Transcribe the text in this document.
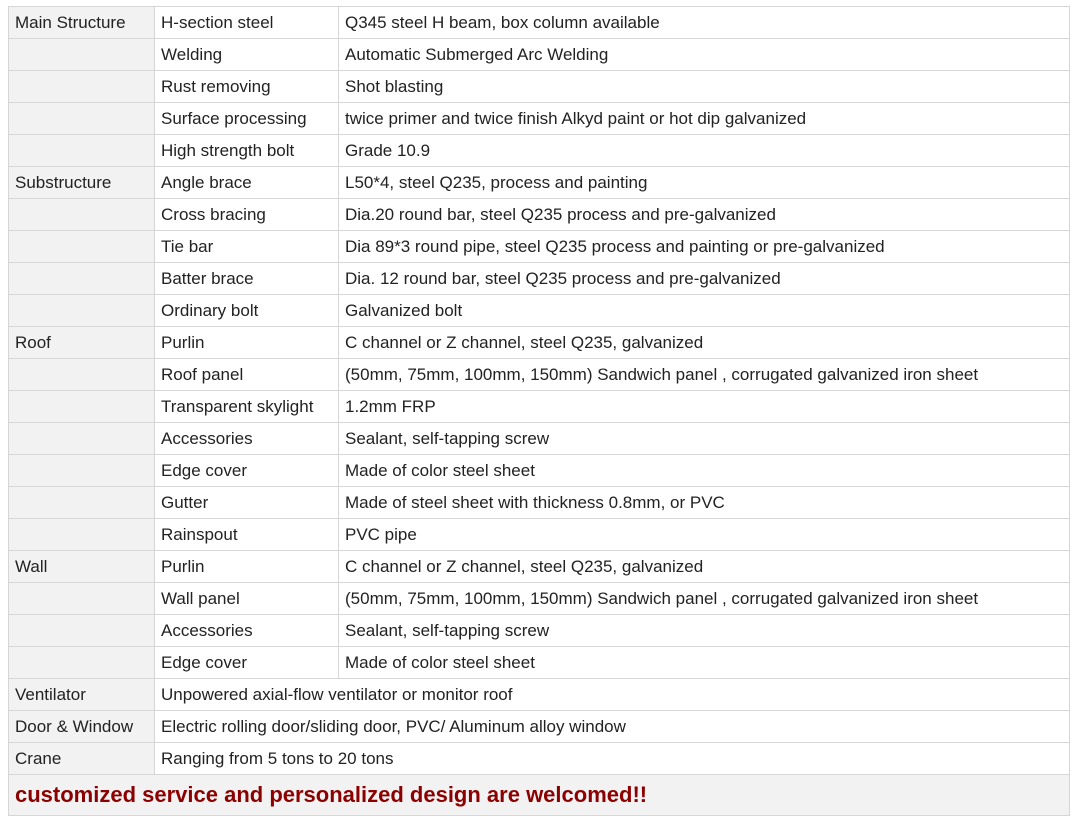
Main Structure	H-section steel	Q345 steel H beam, box column available
	Welding	Automatic Submerged Arc Welding
	Rust removing	Shot blasting
	Surface processing	twice primer and twice finish Alkyd paint or hot dip galvanized
	High strength bolt	Grade 10.9
Substructure	Angle brace	L50*4, steel Q235, process and painting
	Cross bracing	Dia.20 round bar, steel Q235 process and pre-galvanized
	Tie bar	Dia 89*3 round pipe, steel Q235 process and painting or pre-galvanized
	Batter brace	Dia. 12 round bar, steel Q235 process and pre-galvanized
	Ordinary bolt	Galvanized bolt
Roof	Purlin	C channel or Z channel, steel Q235, galvanized
	Roof panel	(50mm, 75mm, 100mm, 150mm) Sandwich panel , corrugated galvanized iron sheet
	Transparent skylight	1.2mm FRP
	Accessories	Sealant, self-tapping screw
	Edge cover	Made of color steel sheet
	Gutter	Made of steel sheet with thickness 0.8mm, or PVC
	Rainspout	PVC pipe
Wall	Purlin	C channel or Z channel, steel Q235, galvanized
	Wall panel	(50mm, 75mm, 100mm, 150mm) Sandwich panel , corrugated galvanized iron sheet
	Accessories	Sealant, self-tapping screw
	Edge cover	Made of color steel sheet
Ventilator	Unpowered axial-flow ventilator or monitor roof	
Door & Window	Electric rolling door/sliding door, PVC/ Aluminum alloy window	
Crane	Ranging from 5 tons to 20 tons	
customized service and personalized design are welcomed!!		
